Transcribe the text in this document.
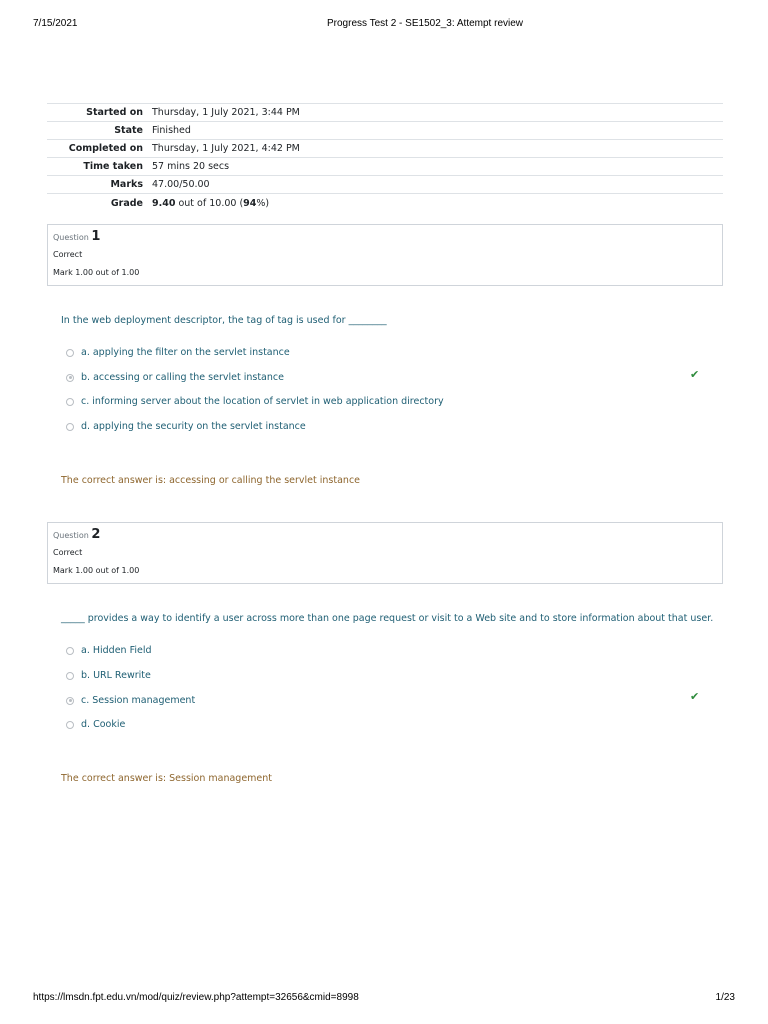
7/15/2021	Progress Test 2 - SE1502_3: Attempt review
Started on	Thursday, 1 July 2021, 3:44 PM
State	Finished
Completed on	Thursday, 1 July 2021, 4:42 PM
Time taken	57 mins 20 secs
Marks	47.00/50.00
Grade	9.40 out of 10.00 (94%)
Question 1
Correct
Mark 1.00 out of 1.00
In the web deployment descriptor, the tag of tag is used for ________
a. applying the filter on the servlet instance
b. accessing or calling the servlet instance
c. informing server about the location of servlet in web application directory
d. applying the security on the servlet instance
✔
The correct answer is: accessing or calling the servlet instance
Question 2
Correct
Mark 1.00 out of 1.00
_____ provides a way to identify a user across more than one page request or visit to a Web site and to store information about that user.
a. Hidden Field
b. URL Rewrite
c. Session management
d. Cookie
✔
The correct answer is: Session management
https://lmsdn.fpt.edu.vn/mod/quiz/review.php?attempt=32656&cmid=8998	1/23
